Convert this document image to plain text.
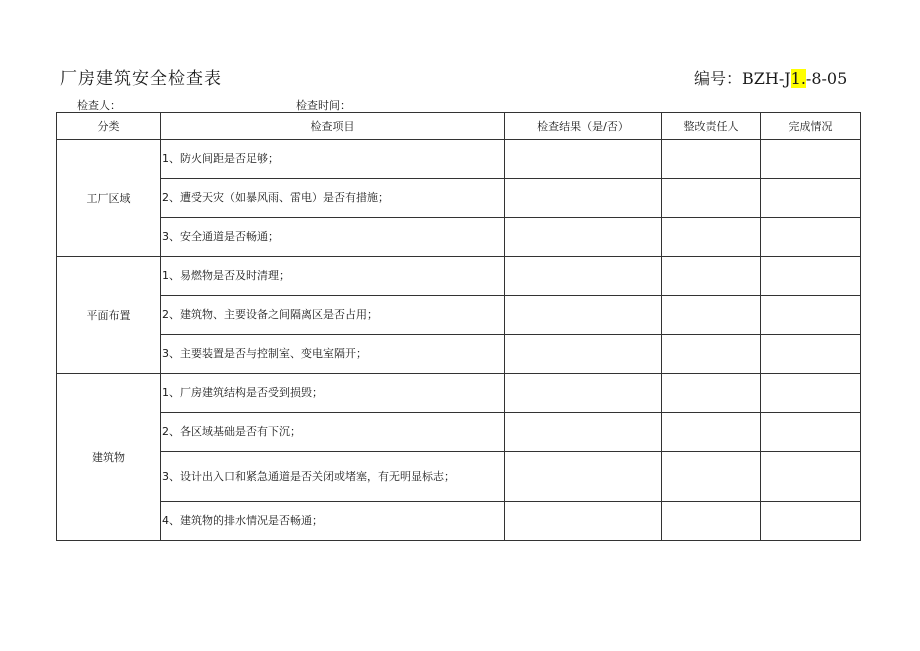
厂房建筑安全检查表	编号：BZH-J1.-8-05
检查人：	检查时间：
分类	检查项目	检查结果（是/否）	整改责任人	完成情况
工厂区域	1、防火间距是否足够；			
	2、遭受天灾（如暴风雨、雷电）是否有措施；			
	3、安全通道是否畅通；			
平面布置	1、易燃物是否及时清理；			
	2、建筑物、主要设备之间隔离区是否占用；			
	3、主要装置是否与控制室、变电室隔开；			
建筑物	1、厂房建筑结构是否受到损毁；			
	2、各区域基础是否有下沉；			
	3、设计出入口和紧急通道是否关闭或堵塞，有无明显标志；			
	4、建筑物的排水情况是否畅通；			
